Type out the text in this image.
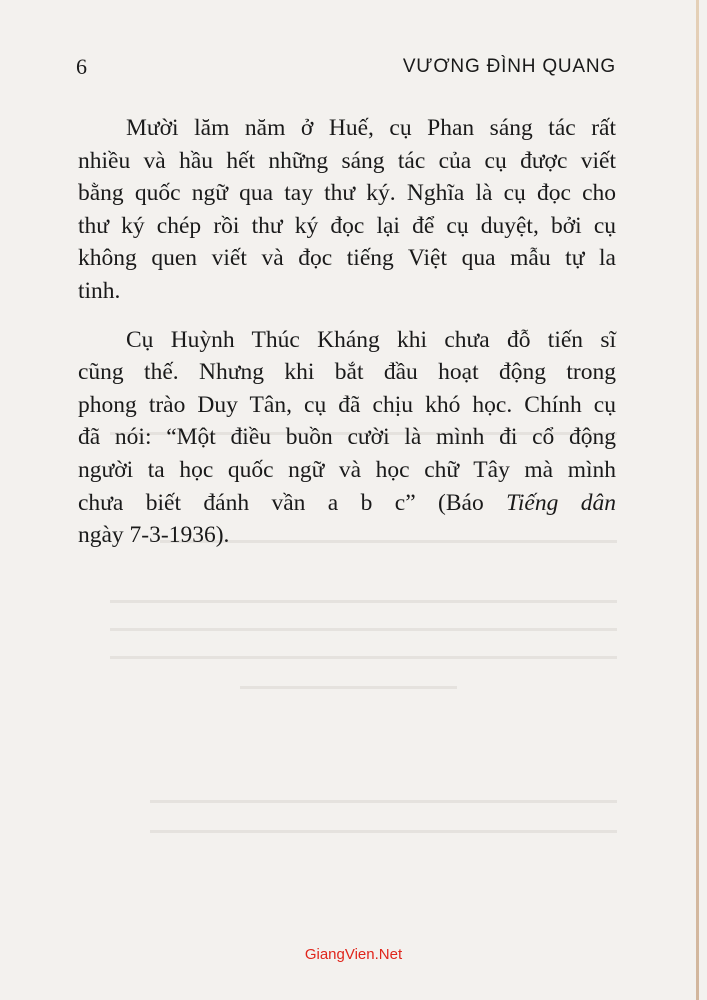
6	VƯƠNG ĐÌNH QUANG

Mười lăm năm ở Huế, cụ Phan sáng tác rất
nhiều và hầu hết những sáng tác của cụ được viết
bằng quốc ngữ qua tay thư ký. Nghĩa là cụ đọc cho
thư ký chép rồi thư ký đọc lại để cụ duyệt, bởi cụ
không quen viết và đọc tiếng Việt qua mẫu tự la
tinh.

Cụ Huỳnh Thúc Kháng khi chưa đỗ tiến sĩ
cũng thế. Nhưng khi bắt đầu hoạt động trong
phong trào Duy Tân, cụ đã chịu khó học. Chính cụ
đã nói: “Một điều buồn cười là mình đi cổ động
người ta học quốc ngữ và học chữ Tây mà mình
chưa biết đánh vần a b c” (Báo Tiếng dân
ngày 7-3-1936).

GiangVien.Net
